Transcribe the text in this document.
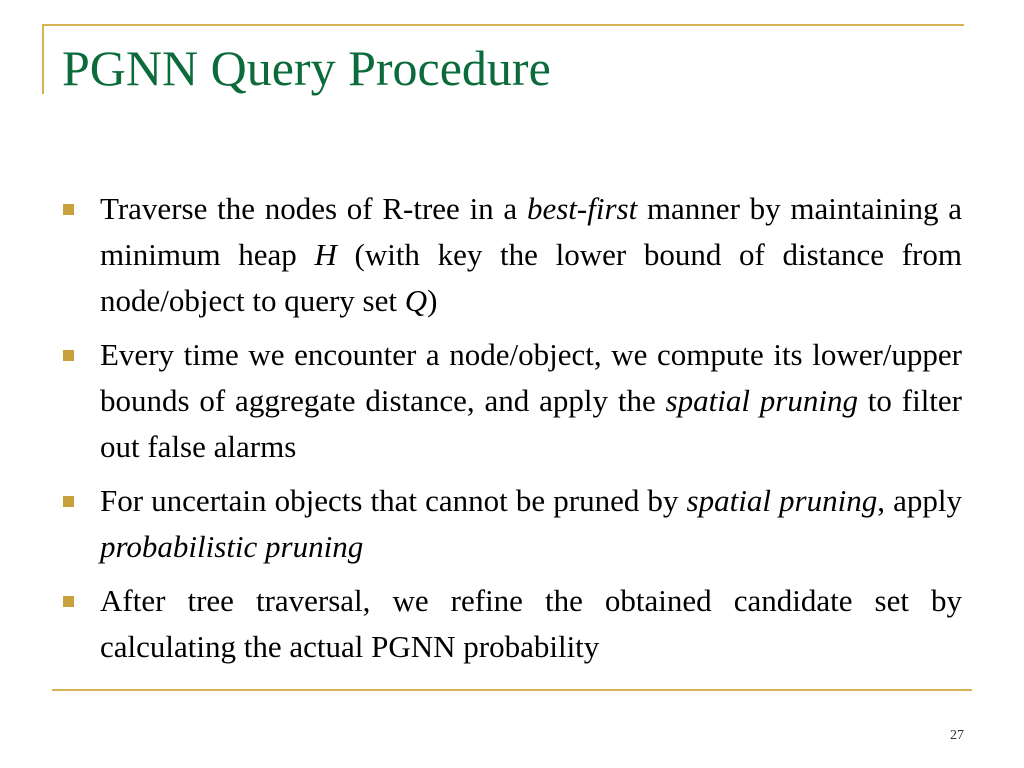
PGNN Query Procedure
Traverse the nodes of R-tree in a best-first manner by maintaining a minimum heap H (with key the lower bound of distance from node/object to query set Q)
Every time we encounter a node/object, we compute its lower/upper bounds of aggregate distance, and apply the spatial pruning to filter out false alarms
For uncertain objects that cannot be pruned by spatial pruning, apply probabilistic pruning
After tree traversal, we refine the obtained candidate set by calculating the actual PGNN probability
27
